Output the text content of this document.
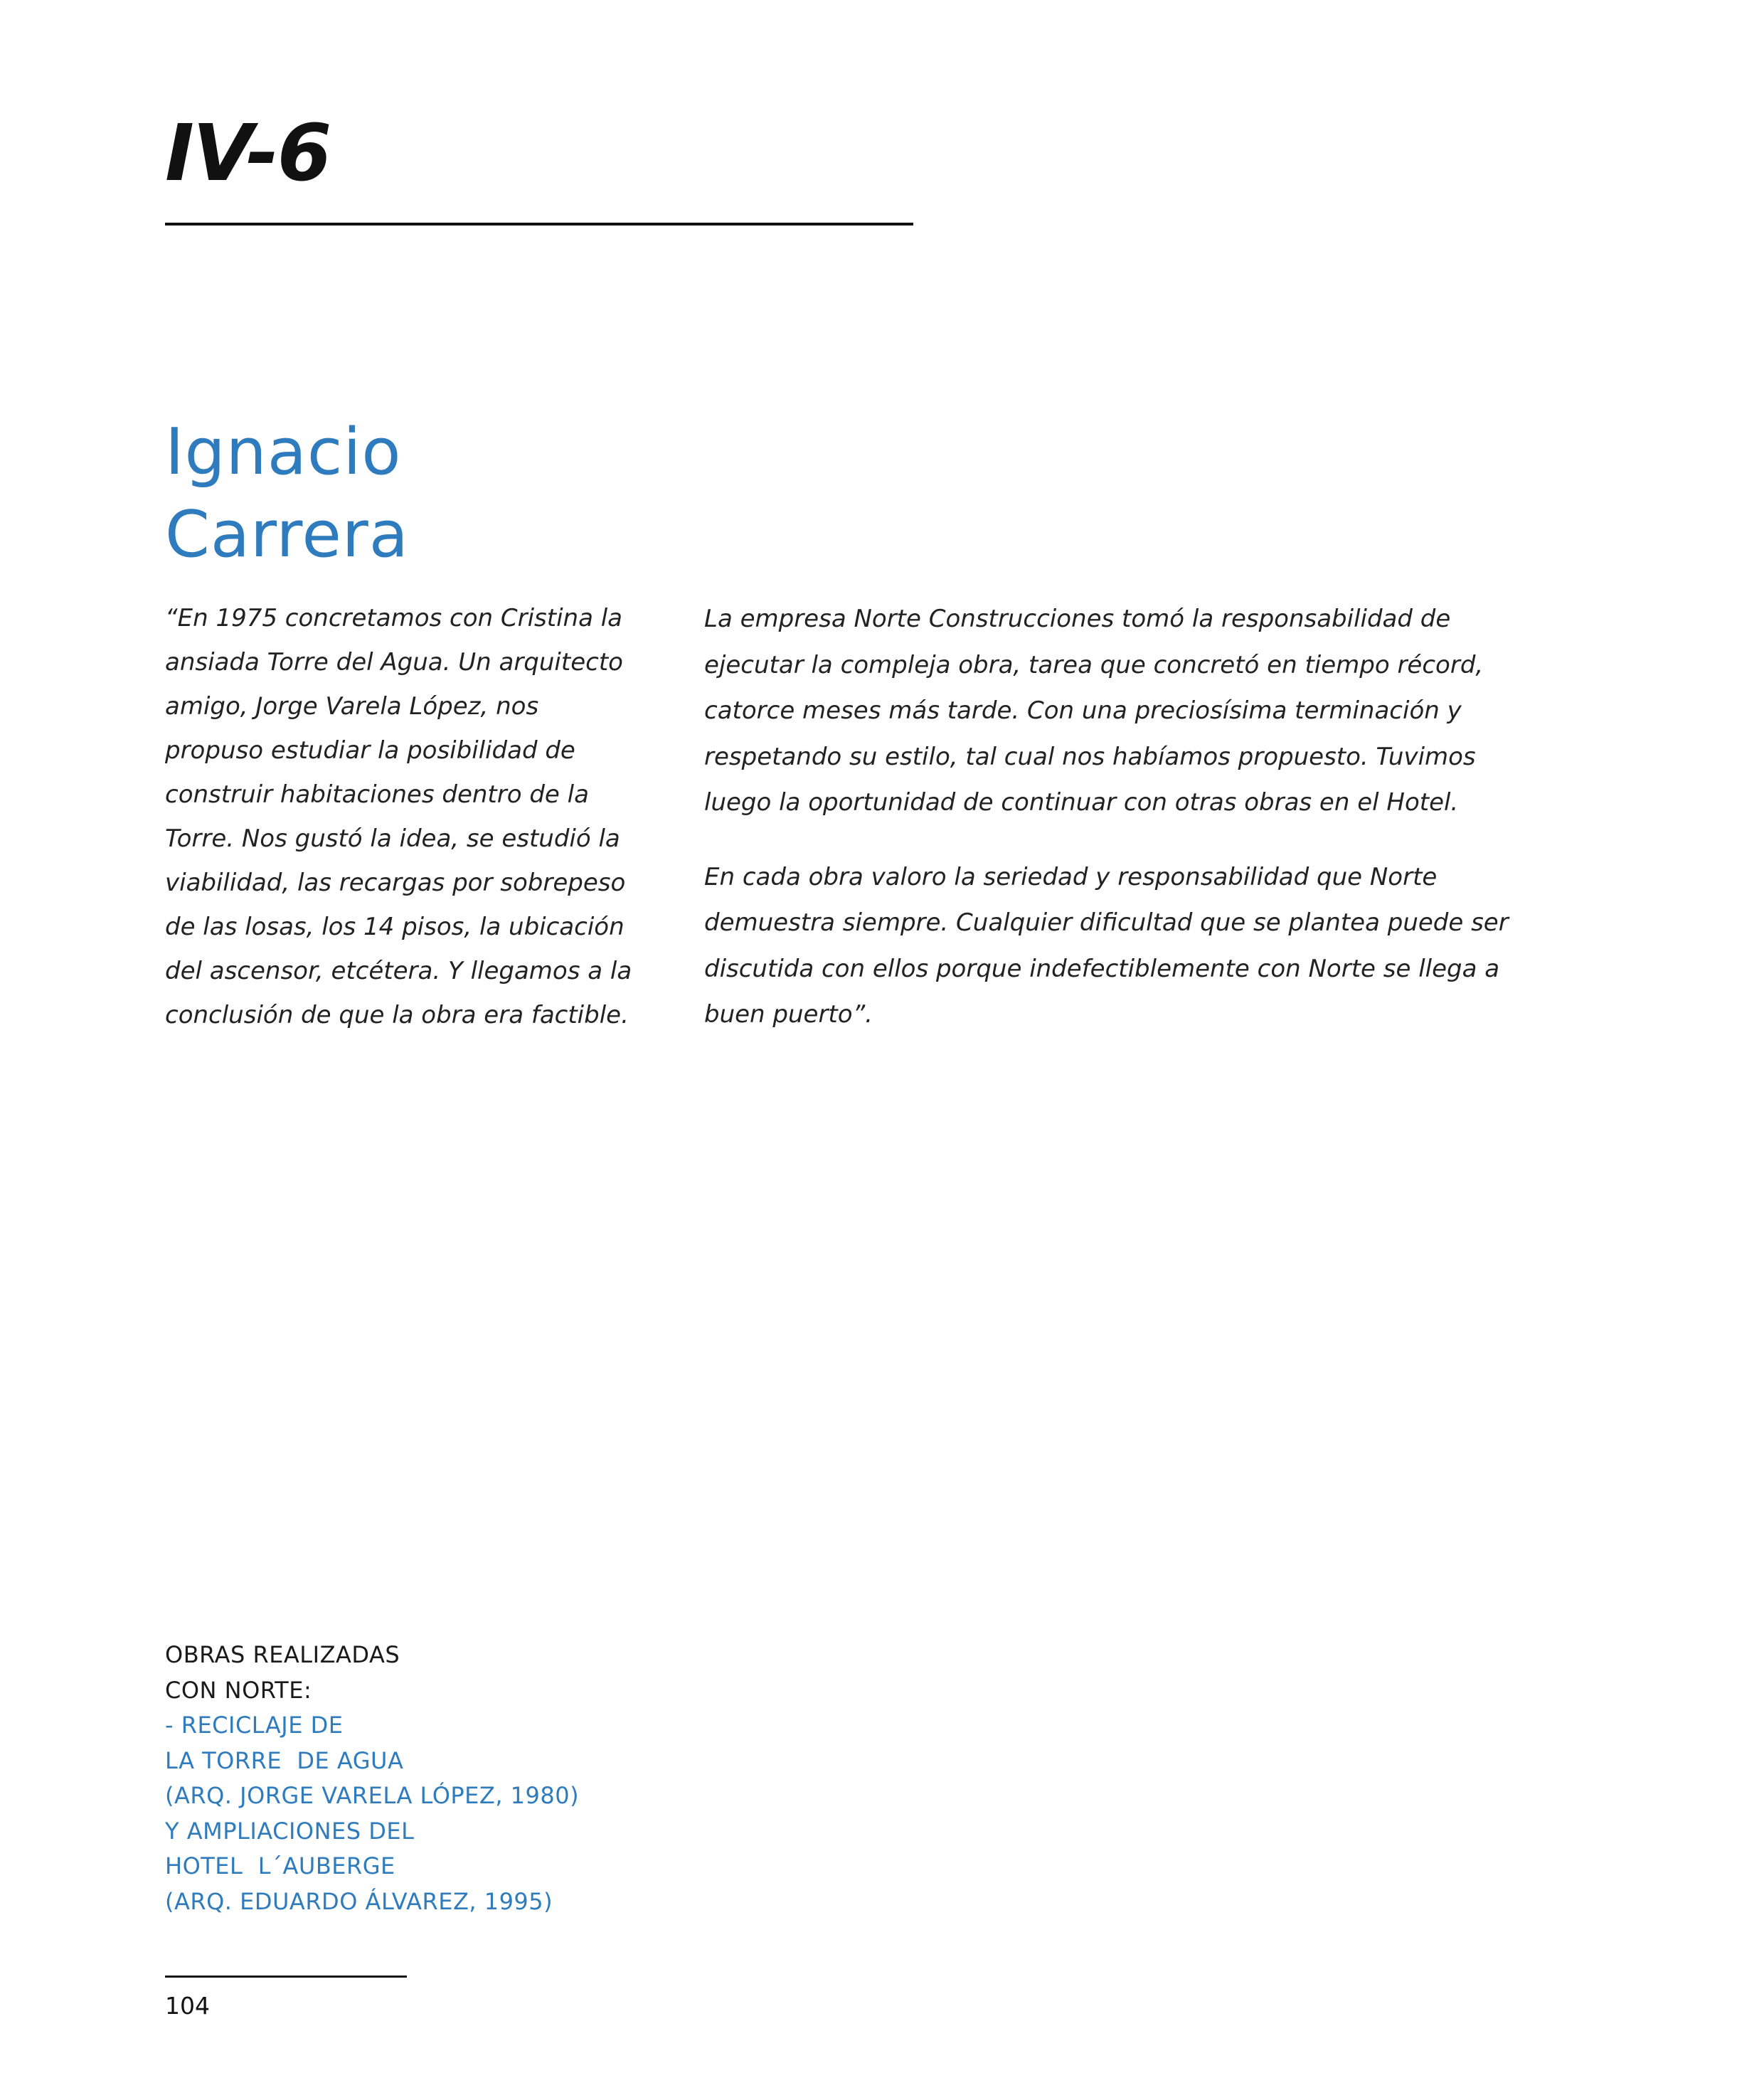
IV-6
Ignacio
Carrera
“En 1975 concretamos con Cristina la
ansiada Torre del Agua. Un arquitecto
amigo, Jorge Varela López, nos
propuso estudiar la posibilidad de
construir habitaciones dentro de la
Torre. Nos gustó la idea, se estudió la
viabilidad, las recargas por sobrepeso
de las losas, los 14 pisos, la ubicación
del ascensor, etcétera. Y llegamos a la
conclusión de que la obra era factible.
La empresa Norte Construcciones tomó la responsabilidad de
ejecutar la compleja obra, tarea que concretó en tiempo récord,
catorce meses más tarde. Con una preciosísima terminación y
respetando su estilo, tal cual nos habíamos propuesto. Tuvimos
luego la oportunidad de continuar con otras obras en el Hotel.
En cada obra valoro la seriedad y responsabilidad que Norte
demuestra siempre. Cualquier dificultad que se plantea puede ser
discutida con ellos porque indefectiblemente con Norte se llega a
buen puerto”.
OBRAS REALIZADAS
CON NORTE:
- RECICLAJE DE
LA TORRE  DE AGUA
(ARQ. JORGE VARELA LÓPEZ, 1980)
Y AMPLIACIONES DEL
HOTEL  L´AUBERGE
(ARQ. EDUARDO ÁLVAREZ, 1995)
104
